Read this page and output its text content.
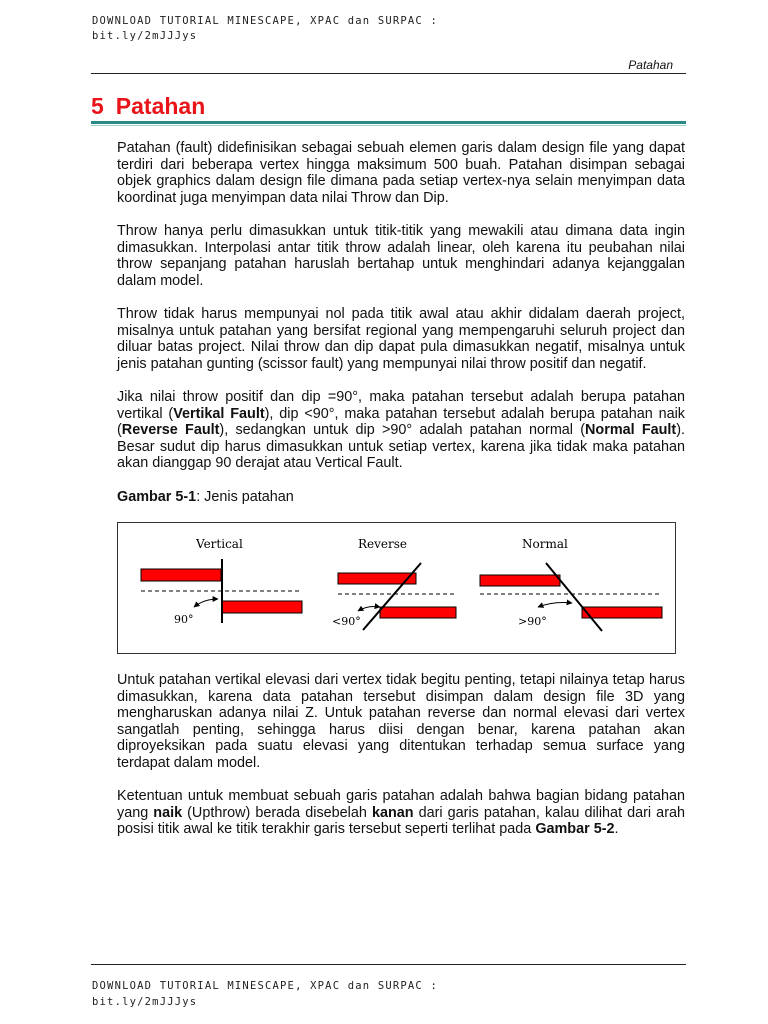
DOWNLOAD TUTORIAL MINESCAPE, XPAC dan SURPAC :
bit.ly/2mJJJys
Patahan
5 Patahan

Patahan (fault) didefinisikan sebagai sebuah elemen garis dalam design file yang dapat terdiri dari beberapa vertex hingga maksimum 500 buah. Patahan disimpan sebagai objek graphics dalam design file dimana pada setiap vertex-nya selain menyimpan data koordinat juga menyimpan data nilai Throw dan Dip.

Throw hanya perlu dimasukkan untuk titik-titik yang mewakili atau dimana data ingin dimasukkan. Interpolasi antar titik throw adalah linear, oleh karena itu peubahan nilai throw sepanjang patahan haruslah bertahap untuk menghindari adanya kejanggalan dalam model.

Throw tidak harus mempunyai nol pada titik awal atau akhir didalam daerah project, misalnya untuk patahan yang bersifat regional yang mempengaruhi seluruh project dan diluar batas project. Nilai throw dan dip dapat pula dimasukkan negatif, misalnya untuk jenis patahan gunting (scissor fault) yang mempunyai nilai throw positif dan negatif.

Jika nilai throw positif dan dip =90°, maka patahan tersebut adalah berupa patahan vertikal (Vertikal Fault), dip <90°, maka patahan tersebut adalah berupa patahan naik (Reverse Fault), sedangkan untuk dip >90° adalah patahan normal (Normal Fault). Besar sudut dip harus dimasukkan untuk setiap vertex, karena jika tidak maka patahan akan dianggap 90 derajat atau Vertical Fault.

Gambar 5-1: Jenis patahan

Vertical
90°
Reverse
<90°
Normal
>90°

Untuk patahan vertikal elevasi dari vertex tidak begitu penting, tetapi nilainya tetap harus dimasukkan, karena data patahan tersebut disimpan dalam design file 3D yang mengharuskan adanya nilai Z. Untuk patahan reverse dan normal elevasi dari vertex sangatlah penting, sehingga harus diisi dengan benar, karena patahan akan diproyeksikan pada suatu elevasi yang ditentukan terhadap semua surface yang terdapat dalam model.

Ketentuan untuk membuat sebuah garis patahan adalah bahwa bagian bidang patahan yang naik (Upthrow) berada disebelah kanan dari garis patahan, kalau dilihat dari arah posisi titik awal ke titik terakhir garis tersebut seperti terlihat pada Gambar 5-2.

DOWNLOAD TUTORIAL MINESCAPE, XPAC dan SURPAC :
bit.ly/2mJJJys
